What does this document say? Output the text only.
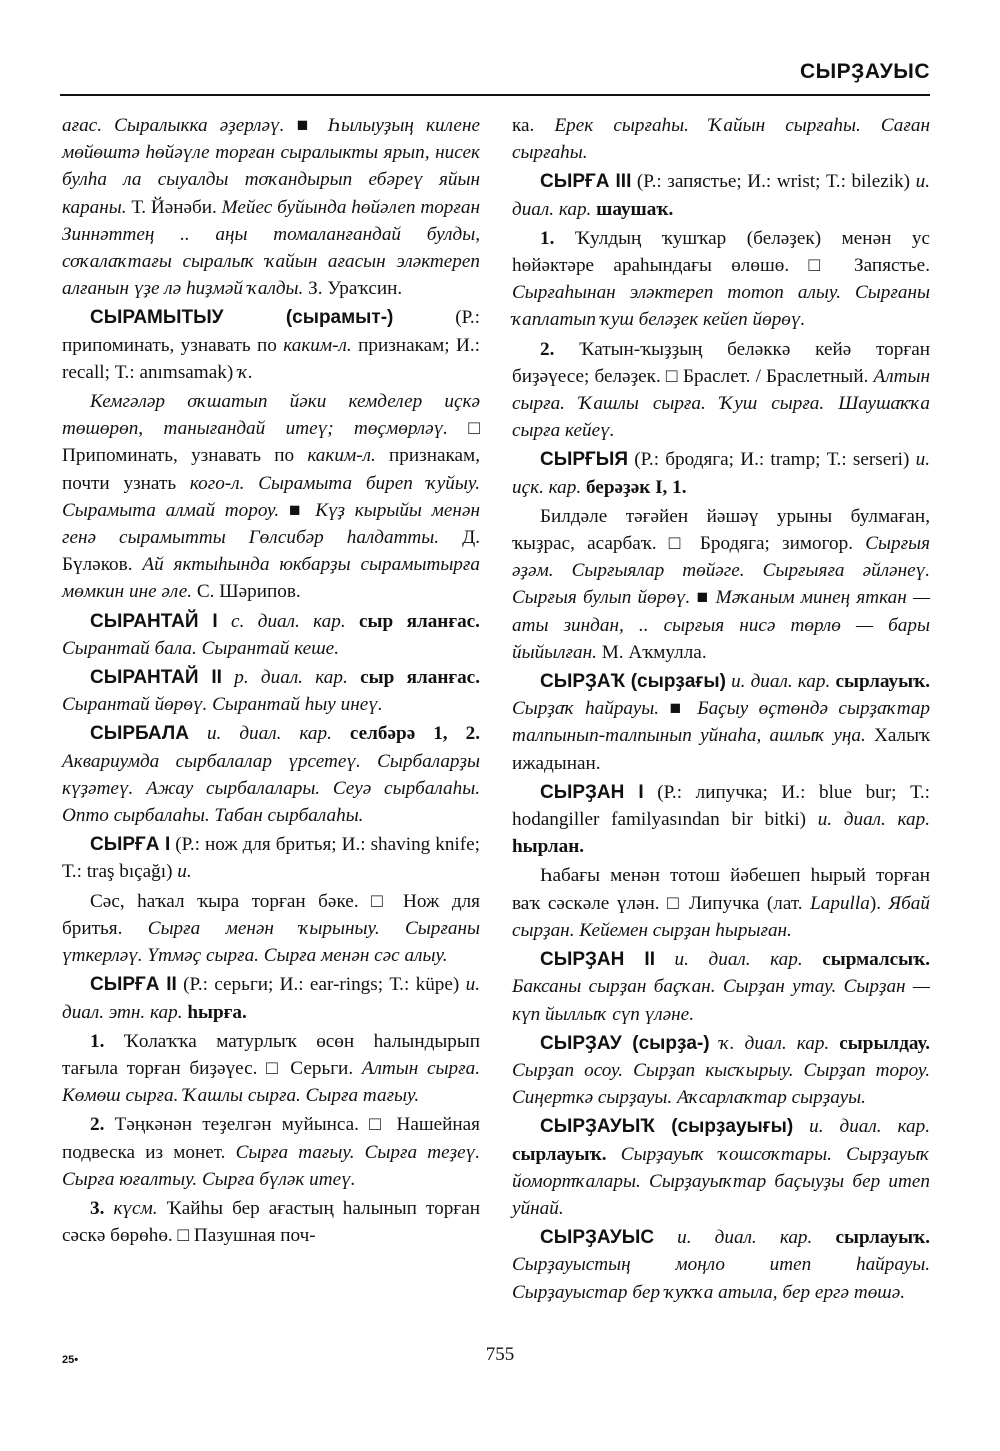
СЫРҘАУЫС

ағас. Сыралыкка әҙерләү. ■ Һылыуҙың килене мөйөштә һөйәүле торған сыралыкты ярып, нисек булһа ла сыуалды тоҡандырып ебәреү яйын караны. Т. Йәнәби. Мейес буйында һөйәлеп торған Зиннәттең .. аңы томаланғандай булды, соҡалаҡтағы сыралыҡ ҡайын ағасын эләктереп алғанын үҙе лә һиҙмәй ҡалды. З. Ураҡсин.

СЫРАМЫТЫУ (сырамыт-) (Р.: припоминать, узнавать по каким-л. признакам; И.: recall; Т.: anımsamak) ҡ.

Кемгәләр оҡшатып йәки кемделер иҫкә төшөрөп, танығандай итеү; төҫмөрләү. □ Припоминать, узнавать по каким-л. признакам, почти узнать кого-л. Сырамыта биреп ҡуйыу. Сырамыта алмай тороу. ■ Күҙ кырыйы менән генә сырамытты Гөлсибәр һалдатты. Д. Бүләков. Ай яктыһында юкбарҙы сырамытырға мөмкин ине әле. С. Шәрипов.

СЫРАНТАЙ I с. диал. кар. сыр яланғас. Сырантай бала. Сырантай кеше.

СЫРАНТАЙ II р. диал. кар. сыр яланғас. Сырантай йөрөү. Сырантай һыу инеү.

СЫРБАЛА и. диал. кар. селбәрә 1, 2. Аквариумда сырбалалар үрсетеү. Сырбаларҙы күҙәтеү. Ажау сырбалалары. Сеуә сырбалаһы. Опто сырбалаһы. Табан сырбалаһы.

СЫРҒА I (Р.: нож для бритья; И.: shaving knife; Т.: traş bıçağı) и.

Сәс, һаҡал ҡыра торған бәке. □ Нож для бритья. Сырға менән ҡырыныу. Сырғаны үткерләү. Үтмәҫ сырға. Сырға менән сәс алыу.

СЫРҒА II (Р.: серьги; И.: ear-rings; Т.: küpe) и. диал. этн. кар. һырға.

1. Ҡолаҡҡа матурлыҡ өсөн һалындырып тағыла торған биҙәүес. □ Серьги. Алтын сырға. Көмөш сырға. Ҡашлы сырға. Сырға тағыу.

2. Тәңкәнән теҙелгән муйынса. □ Нашейная подвеска из монет. Сырға тағыу. Сырға теҙеү. Сырға юғалтыу. Сырға бүләк итеү.

3. күсм. Ҡайһы бер ағастың һалынып торған сәскә бөрөһө. □ Пазушная поч-

ка. Ерек сырғаһы. Ҡайын сырғаһы. Саған сырғаһы.

СЫРҒА III (Р.: запястье; И.: wrist; Т.: bilezik) и. диал. кар. шаушаҡ.

1. Ҡулдың ҡушҡар (беләҙек) менән ус һөйәктәре араһындағы өлөшө. □ Запястье. Сырғаһынан эләктереп тотоп алыу. Сырғаны ҡаплатып ҡуш беләҙек кейеп йөрөү.

2. Ҡатын-ҡыҙҙың беләккә кейә торған биҙәүесе; беләҙек. □ Браслет. / Браслетный. Алтын сырға. Ҡашлы сырға. Ҡуш сырға. Шаушаҡҡа сырға кейеү.

СЫРҒЫЯ (Р.: бродяга; И.: tramp; Т.: serseri) и. иҫк. кар. берәҙәк I, 1.

Билдәле тәғәйен йәшәү урыны булмаған, ҡыҙрас, асарбаҡ. □ Бродяга; зимогор. Сырғыя әҙәм. Сырғыялар төйәге. Сырғыяға әйләнеү. Сырғыя булып йөрөү. ■ Мәҡаным минең яткан — аты зиндан, .. сырғыя нисә төрлө — бары йыйылған. М. Аҡмулла.

СЫРҘАҠ (сырҙағы) и. диал. кар. сырлауыҡ. Сырҙаҡ һайрауы. ■ Баҫыу өҫтөндә сырҙаҡтар талпынып-талпынып уйнаһа, ашлыҡ уңа. Халыҡ ижадынан.

СЫРҘАН I (Р.: липучка; И.: blue bur; Т.: hodangiller familyasından bir bitki) и. диал. кар. һырлан.

Һабағы менән тотош йәбешеп һырый торған ваҡ сәскәле үлән. □ Липучка (лат. Lapulla). Ябай сырҙан. Кейемен сырҙан һырыған.

СЫРҘАН II и. диал. кар. сырмалсыҡ. Баксаны сырҙан баҫҡан. Сырҙан утау. Сырҙан — күп йыллыҡ сүп үләне.

СЫРҘАУ (сырҙа-) ҡ. диал. кар. сырылдау. Сырҙап осоу. Сырҙап кысҡырыу. Сырҙап тороу. Сиңерткә сырҙауы. Аҡсарлаҡтар сырҙауы.

СЫРҘАУЫҠ (сырҙауығы) и. диал. кар. сырлауыҡ. Сырҙауыҡ ҡошсоҡтары. Сырҙауыҡ йомортҡалары. Сырҙауыҡтар баҫыуҙы бер итеп уйнай.

СЫРҘАУЫС и. диал. кар. сырлауыҡ. Сырҙауыстың моңло итеп һайрауы. Сырҙауыстар бер ҡуҡҡа атыла, бер ергә төшә.

25•	755
